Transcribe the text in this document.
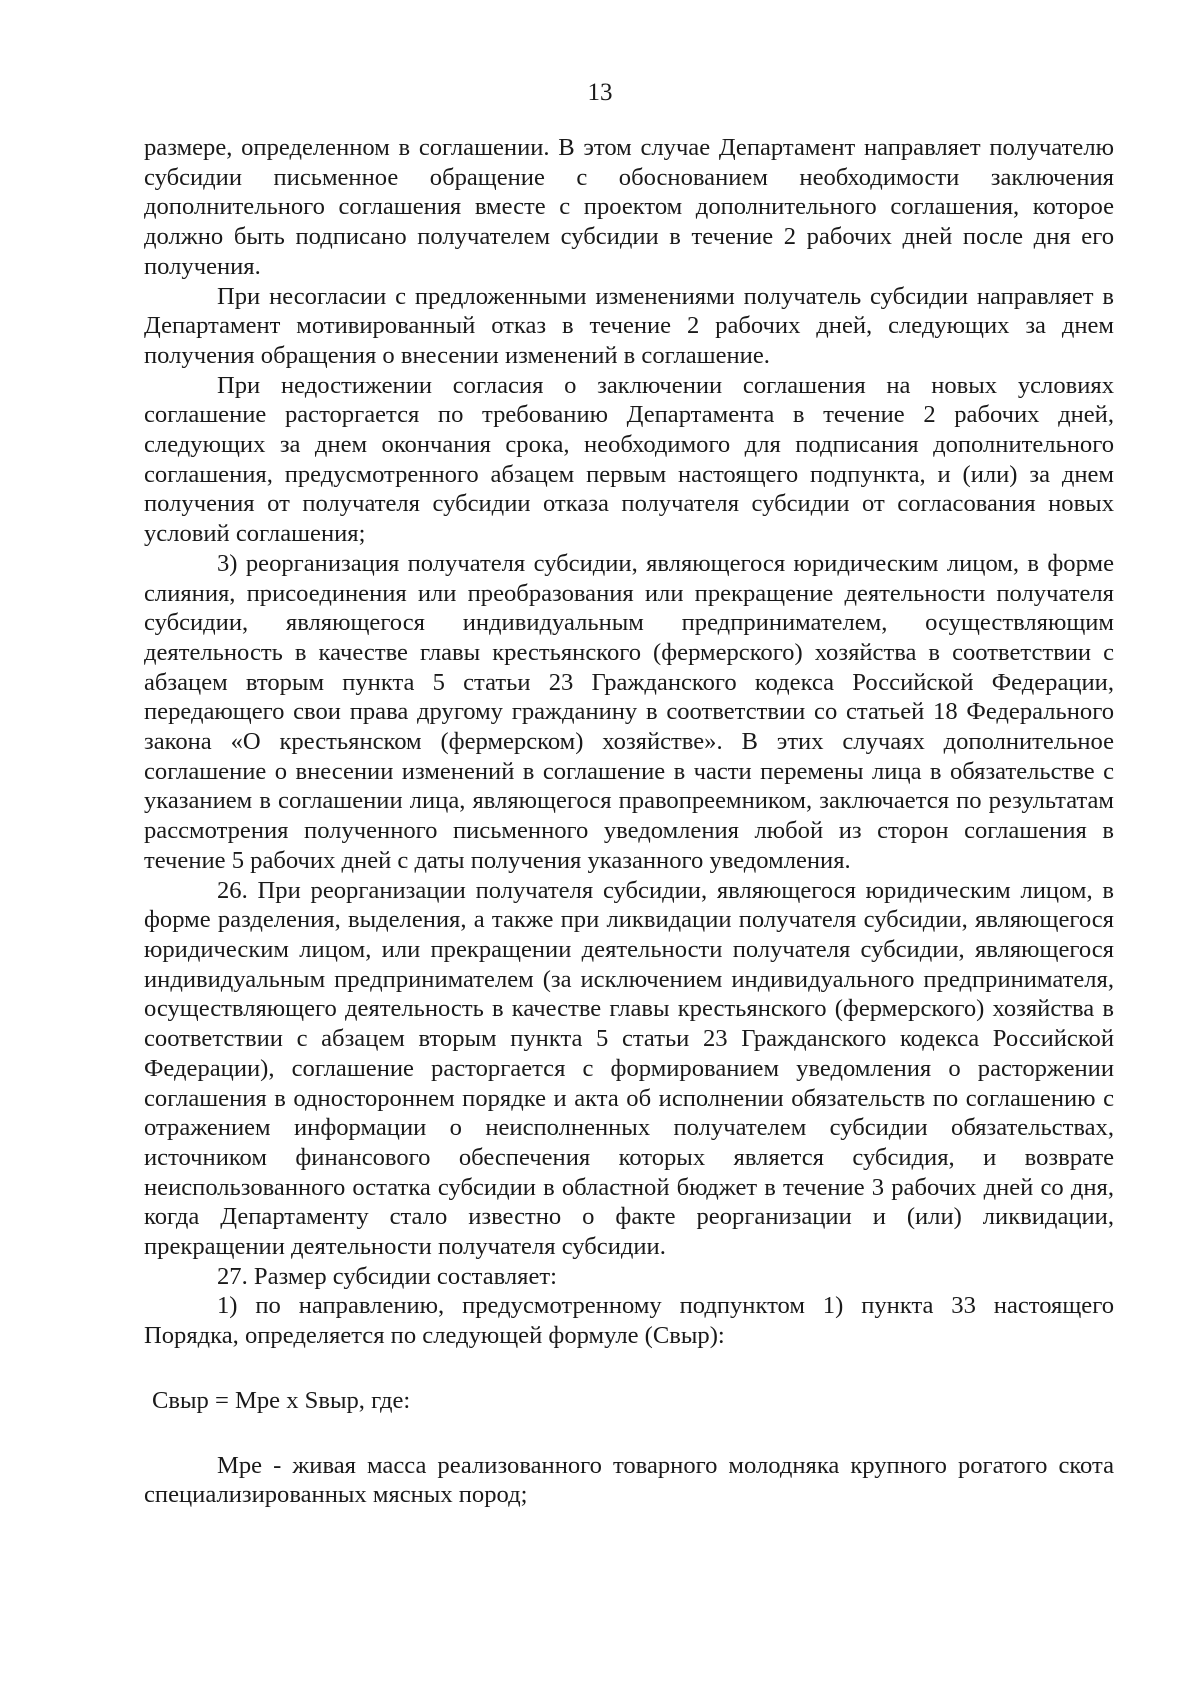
13

размере, определенном в соглашении. В этом случае Департамент направляет получателю субсидии письменное обращение с обоснованием необходимости заключения дополнительного соглашения вместе с проектом дополнительного соглашения, которое должно быть подписано получателем субсидии в течение 2 рабочих дней после дня его получения.

При несогласии с предложенными изменениями получатель субсидии направляет в Департамент мотивированный отказ в течение 2 рабочих дней, следующих за днем получения обращения о внесении изменений в соглашение.

При недостижении согласия о заключении соглашения на новых условиях соглашение расторгается по требованию Департамента в течение 2 рабочих дней, следующих за днем окончания срока, необходимого для подписания дополнительного соглашения, предусмотренного абзацем первым настоящего подпункта, и (или) за днем получения от получателя субсидии отказа получателя субсидии от согласования новых условий соглашения;

3) реорганизация получателя субсидии, являющегося юридическим лицом, в форме слияния, присоединения или преобразования или прекращение деятельности получателя субсидии, являющегося индивидуальным предпринимателем, осуществляющим деятельность в качестве главы крестьянского (фермерского) хозяйства в соответствии с абзацем вторым пункта 5 статьи 23 Гражданского кодекса Российской Федерации, передающего свои права другому гражданину в соответствии со статьей 18 Федерального закона «О крестьянском (фермерском) хозяйстве». В этих случаях дополнительное соглашение о внесении изменений в соглашение в части перемены лица в обязательстве с указанием в соглашении лица, являющегося правопреемником, заключается по результатам рассмотрения полученного письменного уведомления любой из сторон соглашения в течение 5 рабочих дней с даты получения указанного уведомления.

26. При реорганизации получателя субсидии, являющегося юридическим лицом, в форме разделения, выделения, а также при ликвидации получателя субсидии, являющегося юридическим лицом, или прекращении деятельности получателя субсидии, являющегося индивидуальным предпринимателем (за исключением индивидуального предпринимателя, осуществляющего деятельность в качестве главы крестьянского (фермерского) хозяйства в соответствии с абзацем вторым пункта 5 статьи 23 Гражданского кодекса Российской Федерации), соглашение расторгается с формированием уведомления о расторжении соглашения в одностороннем порядке и акта об исполнении обязательств по соглашению с отражением информации о неисполненных получателем субсидии обязательствах, источником финансового обеспечения которых является субсидия, и возврате неиспользованного остатка субсидии в областной бюджет в течение 3 рабочих дней со дня, когда Департаменту стало известно о факте реорганизации и (или) ликвидации, прекращении деятельности получателя субсидии.

27. Размер субсидии составляет:

1) по направлению, предусмотренному подпунктом 1) пункта 33 настоящего Порядка, определяется по следующей формуле (Свыр):

Свыр = Мре х Sвыр, где:

Мре - живая масса реализованного товарного молодняка крупного рогатого скота специализированных мясных пород;
